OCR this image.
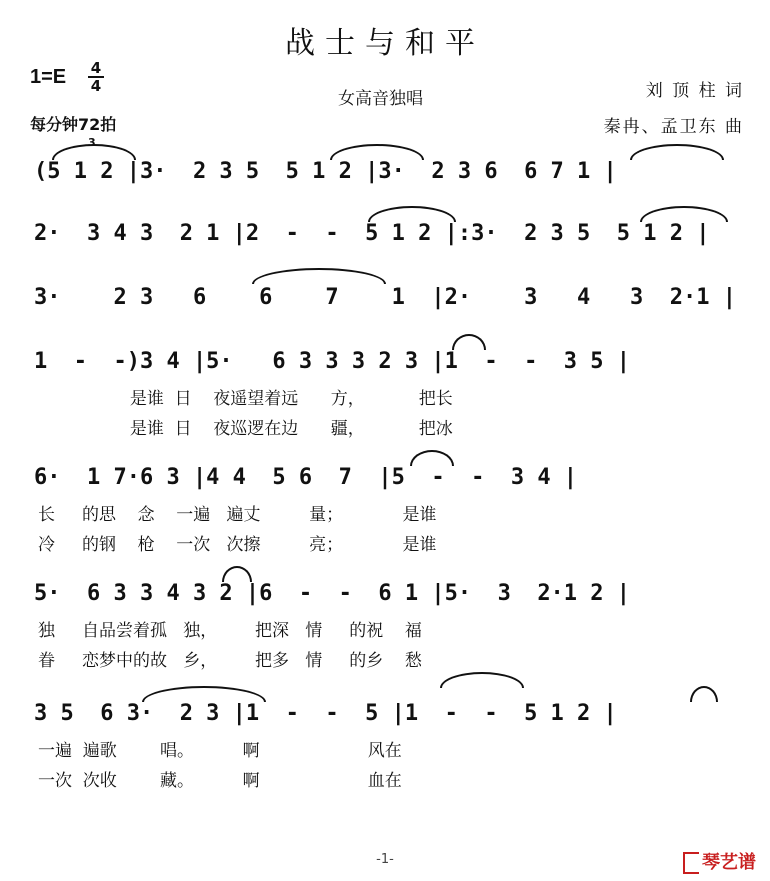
战士与和平
1=E 4
4
每分钟72拍
女高音独唱	刘 顶 柱 词
秦冉、孟卫东 曲
(5 1 2 |3·  2 3 5  5 1 2 |3·  2 3 6  6 7 1 |
2·  3 4 3  2 1 |2  -  -  5 1 2 |:3·  2 3 5  5 1 2 |
3·    2 3   6    6    7    1  |2·    3   4   3  2·1 |
1  -  -)3 4 |5·   6 3 3 3 2 3 |1  -  -  3 5 |
是谁  日    夜遥望着远      方，          把长
是谁  日    夜巡逻在边      疆，          把冰
6·  1 7·6 3 |4 4  5 6  7  |5  -  -  3 4 |
长     的思    念    一遍   遍丈         量；           是谁
冷     的钢    枪    一次   次擦         亮；           是谁
5·  6 3 3 4 3 2 |6  -  -  6 1 |5·  3  2·1 2 |
独     自品尝着孤   独，       把深   情     的祝    福
眷     恋梦中的故   乡，       把多   情     的乡    愁
3 5  6 3·  2 3 |1  -  -  5 |1  -  -  5 1 2 |
一遍  遍歌        唱。         啊                    风在
一次  次收        藏。         啊                    血在
3
-1-	琴艺谱
